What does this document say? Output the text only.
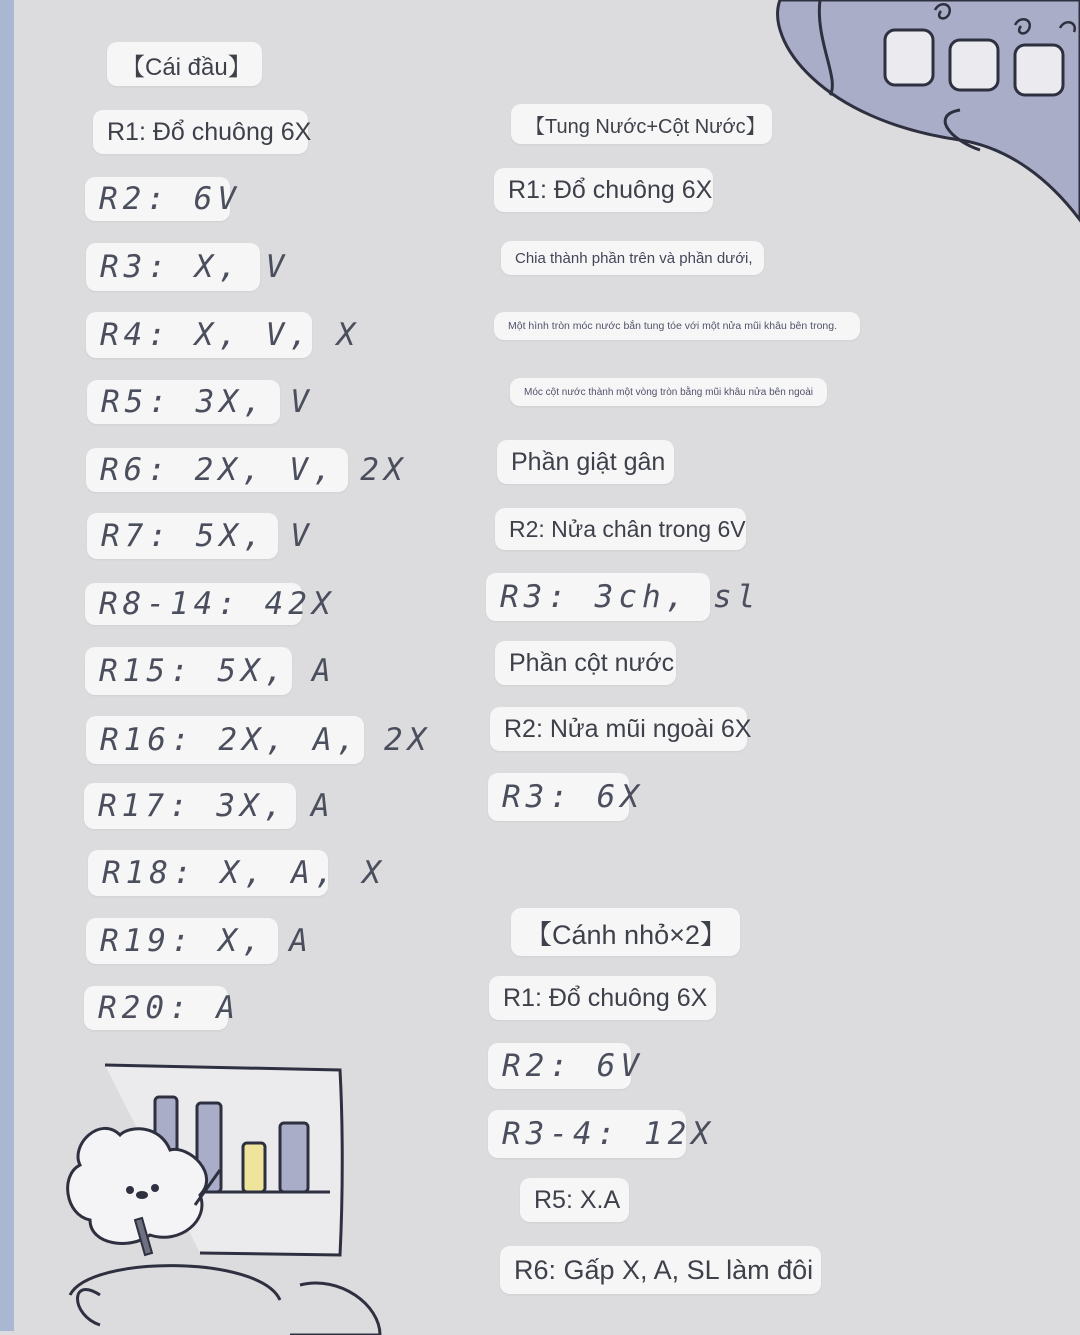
【Cái đầu】
R1: Đổ chuông 6X
R2: 6V
R3: X, V
R4: X, V, X
R5: 3X, V
R6: 2X, V, 2X
R7: 5X, V
R8-14: 42X
R15: 5X, A
R16: 2X, A, 2X
R17: 3X, A
R18: X, A, X
R19: X, A
R20: A
【Tung Nước+Cột Nước】
R1: Đổ chuông 6X
Chia thành phần trên và phần dưới,
Một hình tròn móc nước bắn tung tóe với một nửa mũi khâu bên trong.
Móc cột nước thành một vòng tròn bằng mũi khâu nửa bên ngoài
Phần giật gân
R2: Nửa chân trong 6V
R3: 3ch, sl
Phần cột nước
R2: Nửa mũi ngoài 6X
R3: 6X
【Cánh nhỏ×2】
R1: Đổ chuông 6X
R2: 6V
R3-4: 12X
R5: X.A
R6: Gấp X, A, SL làm đôi
